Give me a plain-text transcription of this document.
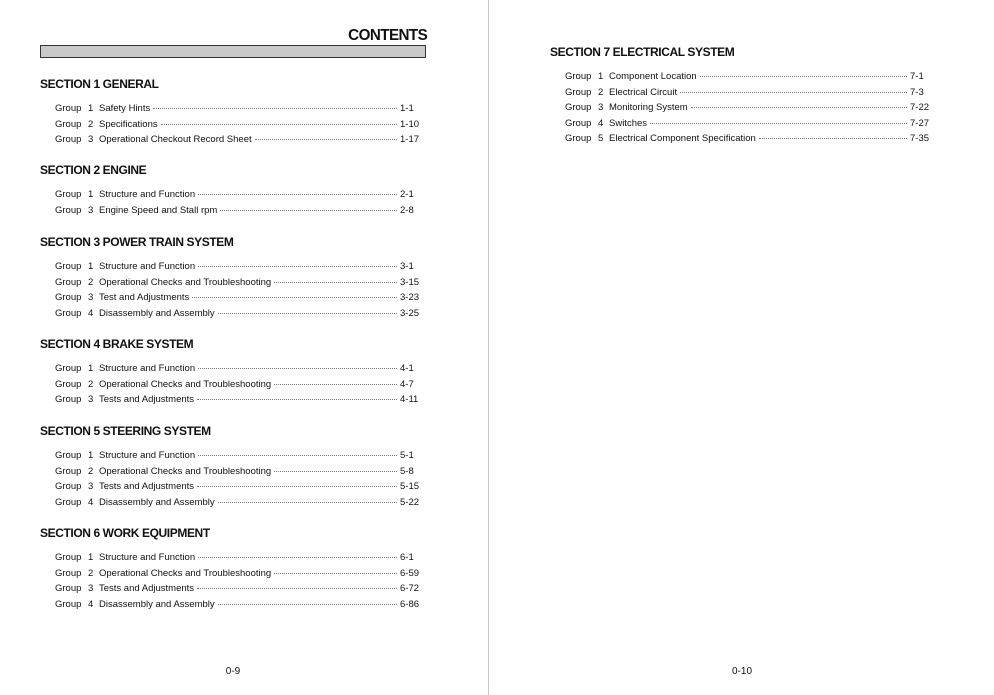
CONTENTS
SECTION 1 GENERAL
Group 1 Safety Hints	1-1
Group 2 Specifications	1-10
Group 3 Operational Checkout Record Sheet	1-17
SECTION 2 ENGINE
Group 1 Structure and Function	2-1
Group 3 Engine Speed and Stall rpm	2-8
SECTION 3 POWER TRAIN SYSTEM
Group 1 Structure and Function	3-1
Group 2 Operational Checks and Troubleshooting	3-15
Group 3 Test and Adjustments	3-23
Group 4 Disassembly and Assembly	3-25
SECTION 4 BRAKE SYSTEM
Group 1 Structure and Function	4-1
Group 2 Operational Checks and Troubleshooting	4-7
Group 3 Tests and Adjustments	4-11
SECTION 5 STEERING SYSTEM
Group 1 Structure and Function	5-1
Group 2 Operational Checks and Troubleshooting	5-8
Group 3 Tests and Adjustments	5-15
Group 4 Disassembly and Assembly	5-22
SECTION 6 WORK EQUIPMENT
Group 1 Structure and Function	6-1
Group 2 Operational Checks and Troubleshooting	6-59
Group 3 Tests and Adjustments	6-72
Group 4 Disassembly and Assembly	6-86
0-9
SECTION 7 ELECTRICAL SYSTEM
Group 1 Component Location	7-1
Group 2 Electrical Circuit	7-3
Group 3 Monitoring System	7-22
Group 4 Switches	7-27
Group 5 Electrical Component Specification	7-35
0-10
